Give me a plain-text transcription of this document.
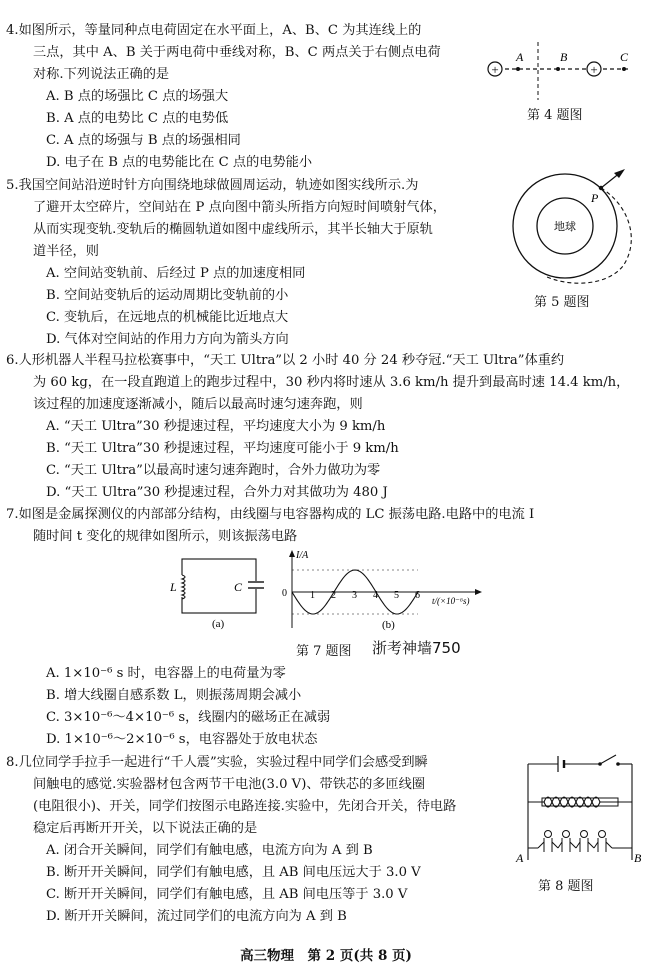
4.如图所示，等量同种点电荷固定在水平面上，A、B、C 为其连线上的
三点，其中 A、B 关于两电荷中垂线对称，B、C 两点关于右侧点电荷
对称.下列说法正确的是
A. B 点的场强比 C 点的场强大
B. A 点的电势比 C 点的电势低
C. A 点的场强与 B 点的场强相同
D. 电子在 B 点的电势能比在 C 点的电势能小
+	+
A	B	C
第 4 题图
5.我国空间站沿逆时针方向围绕地球做圆周运动，轨迹如图实线所示.为
了避开太空碎片，空间站在 P 点向图中箭头所指方向短时间喷射气体，
从而实现变轨.变轨后的椭圆轨道如图中虚线所示，其半长轴大于原轨
道半径，则
A. 空间站变轨前、后经过 P 点的加速度相同
B. 空间站变轨后的运动周期比变轨前的小
C. 变轨后，在远地点的机械能比近地点大
D. 气体对空间站的作用力方向为箭头方向
地球
P
第 5 题图
6.人形机器人半程马拉松赛事中，“天工 Ultra”以 2 小时 40 分 24 秒夺冠.“天工 Ultra”体重约
为 60 kg，在一段直跑道上的跑步过程中，30 秒内将时速从 3.6 km/h 提升到最高时速 14.4 km/h，
该过程的加速度逐渐减小，随后以最高时速匀速奔跑，则
A. “天工 Ultra”30 秒提速过程，平均速度大小为 9 km/h
B. “天工 Ultra”30 秒提速过程，平均速度可能小于 9 km/h
C. “天工 Ultra”以最高时速匀速奔跑时，合外力做功为零
D. “天工 Ultra”30 秒提速过程，合外力对其做功为 480 J
7.如图是金属探测仪的内部部分结构，由线圈与电容器构成的 LC 振荡电路.电路中的电流 I
随时间 t 变化的规律如图所示，则该振荡电路
L	C
(a)
I/A
0
t/(×10⁻⁶s)
1 2 3 4 5 6
(b)
第 7 题图 浙考神墙750
A. 1×10⁻⁶ s 时，电容器上的电荷量为零
B. 增大线圈自感系数 L，则振荡周期会减小
C. 3×10⁻⁶～4×10⁻⁶ s，线圈内的磁场正在减弱
D. 1×10⁻⁶～2×10⁻⁶ s，电容器处于放电状态
8.几位同学手拉手一起进行“千人震”实验，实验过程中同学们会感受到瞬
间触电的感觉.实验器材包含两节干电池(3.0 V)、带铁芯的多匝线圈
(电阻很小)、开关，同学们按图示电路连接.实验中，先闭合开关，待电路
稳定后再断开开关，以下说法正确的是
A. 闭合开关瞬间，同学们有触电感，电流方向为 A 到 B
B. 断开开关瞬间，同学们有触电感，且 AB 间电压远大于 3.0 V
C. 断开开关瞬间，同学们有触电感，且 AB 间电压等于 3.0 V
D. 断开开关瞬间，流过同学们的电流方向为 A 到 B
A	B
第 8 题图
高三物理　第 2 页(共 8 页)
